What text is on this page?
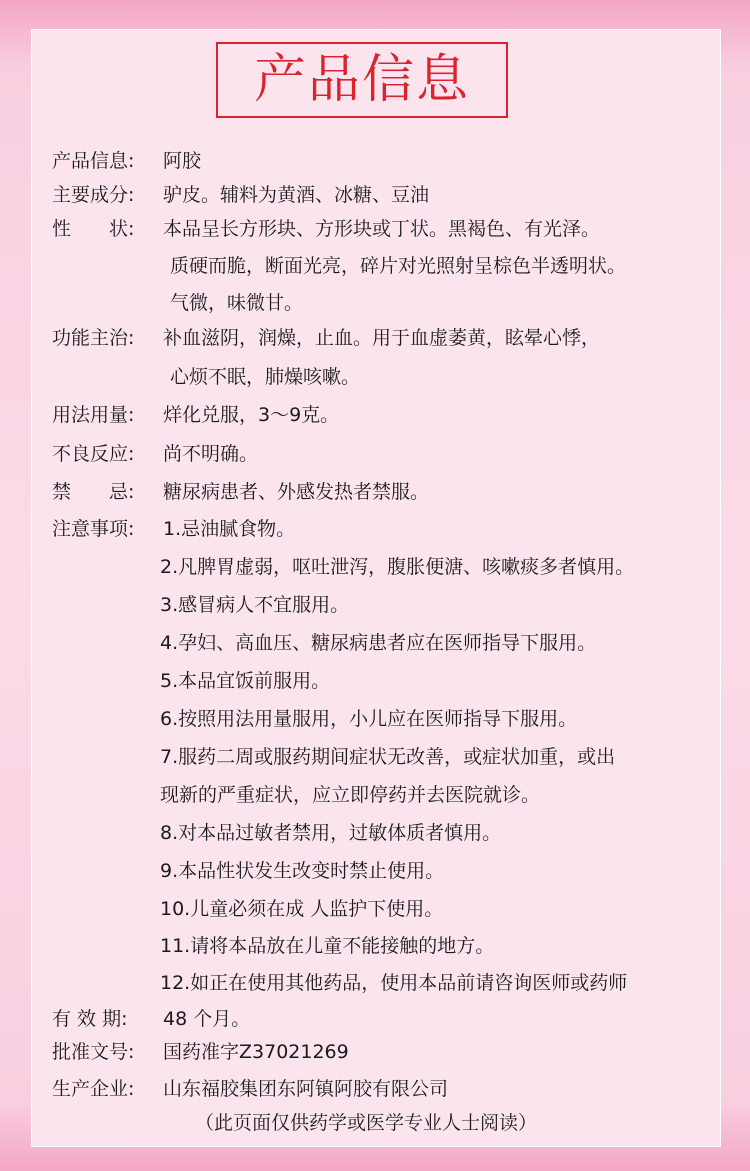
产品信息
产品信息:	阿胶
主要成分:	驴皮。辅料为黄酒、冰糖、豆油
性　　状:	本品呈长方形块、方形块或丁状。黑褐色、有光泽。
质硬而脆，断面光亮，碎片对光照射呈棕色半透明状。
气微，味微甘。
功能主治:	补血滋阴，润燥，止血。用于血虚萎黄，眩晕心悸，
心烦不眠，肺燥咳嗽。
用法用量:	烊化兑服，3～9克。
不良反应:	尚不明确。
禁　　忌:	糖尿病患者、外感发热者禁服。
注意事项:	1.忌油腻食物。
2.凡脾胃虚弱，呕吐泄泻，腹胀便溏、咳嗽痰多者慎用。
3.感冒病人不宜服用。
4.孕妇、高血压、糖尿病患者应在医师指导下服用。
5.本品宜饭前服用。
6.按照用法用量服用，小儿应在医师指导下服用。
7.服药二周或服药期间症状无改善，或症状加重，或出
现新的严重症状，应立即停药并去医院就诊。
8.对本品过敏者禁用，过敏体质者慎用。
9.本品性状发生改变时禁止使用。
10.儿童必须在成 人监护下使用。
11.请将本品放在儿童不能接触的地方。
12.如正在使用其他药品，使用本品前请咨询医师或药师
有 效 期:	48 个月。
批准文号:	国药准字Z37021269
生产企业:	山东福胶集团东阿镇阿胶有限公司
（此页面仅供药学或医学专业人士阅读）
